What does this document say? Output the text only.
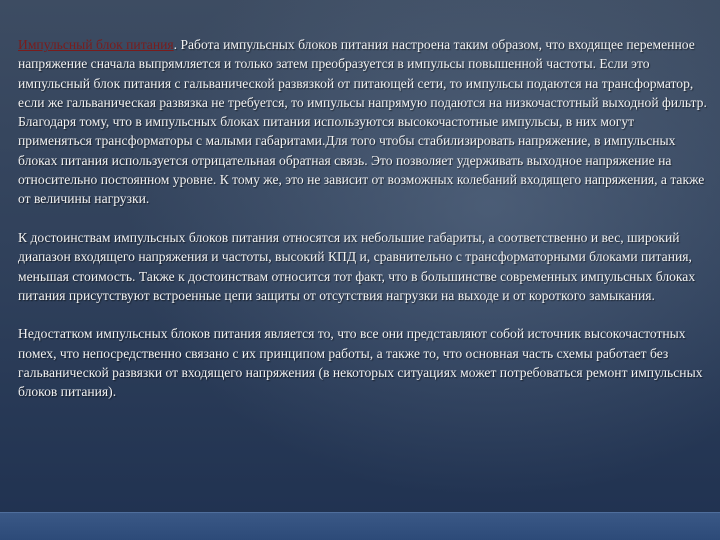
Импульсный блок питания. Работа импульсных блоков питания настроена таким образом, что входящее переменное напряжение сначала выпрямляется и только затем преобразуется в импульсы повышенной частоты. Если это импульсный блок питания с гальванической развязкой от питающей сети, то импульсы подаются на трансформатор, если же гальваническая развязка не требуется, то импульсы напрямую подаются на низкочастотный выходной фильтр. Благодаря тому, что в импульсных блоках питания используются высокочастотные импульсы, в них могут применяться трансформаторы с малыми габаритами.Для того чтобы стабилизировать напряжение, в импульсных блоках питания используется отрицательная обратная связь. Это позволяет удерживать выходное напряжение на относительно постоянном уровне. К тому же, это не зависит от возможных колебаний входящего напряжения, а также от величины нагрузки.

К достоинствам импульсных блоков питания относятся их небольшие габариты, а соответственно и вес, широкий диапазон входящего напряжения и частоты, высокий КПД и, сравнительно с трансформаторными блоками питания, меньшая стоимость. Также к достоинствам относится тот факт, что в большинстве современных импульсных блоках питания присутствуют встроенные цепи защиты от отсутствия нагрузки на выходе и от короткого замыкания.

Недостатком импульсных блоков питания является то, что все они представляют собой источник высокочастотных помех, что непосредственно связано с их принципом работы, а также то, что основная часть схемы работает без гальванической развязки от входящего напряжения (в некоторых ситуациях может потребоваться ремонт импульсных блоков питания).
